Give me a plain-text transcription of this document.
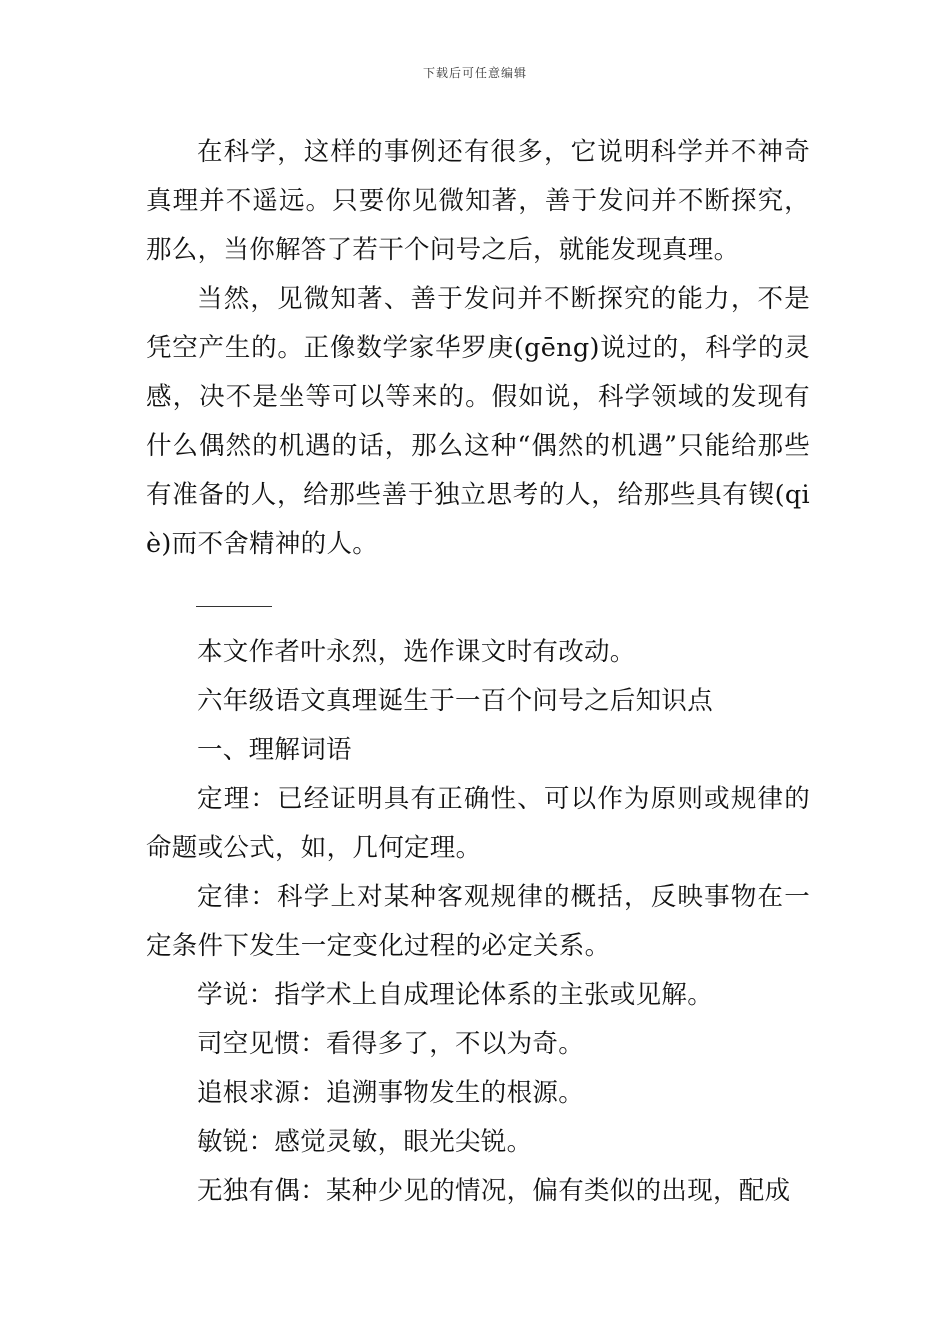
下载后可任意编辑

在科学，这样的事例还有很多，它说明科学并不神奇真理并不遥远。只要你见微知著，善于发问并不断探究，那么，当你解答了若干个问号之后，就能发现真理。

当然，见微知著、善于发问并不断探究的能力，不是凭空产生的。正像数学家华罗庚(gēng)说过的，科学的灵感，决不是坐等可以等来的。假如说，科学领域的发现有什么偶然的机遇的话，那么这种“偶然的机遇”只能给那些有准备的人，给那些善于独立思考的人，给那些具有锲(qiè)而不舍精神的人。

本文作者叶永烈，选作课文时有改动。

六年级语文真理诞生于一百个问号之后知识点

一、理解词语

定理：已经证明具有正确性、可以作为原则或规律的命题或公式，如，几何定理。

定律：科学上对某种客观规律的概括，反映事物在一定条件下发生一定变化过程的必定关系。

学说：指学术上自成理论体系的主张或见解。

司空见惯：看得多了，不以为奇。

追根求源：追溯事物发生的根源。

敏锐：感觉灵敏，眼光尖锐。

无独有偶：某种少见的情况，偏有类似的出现，配成
